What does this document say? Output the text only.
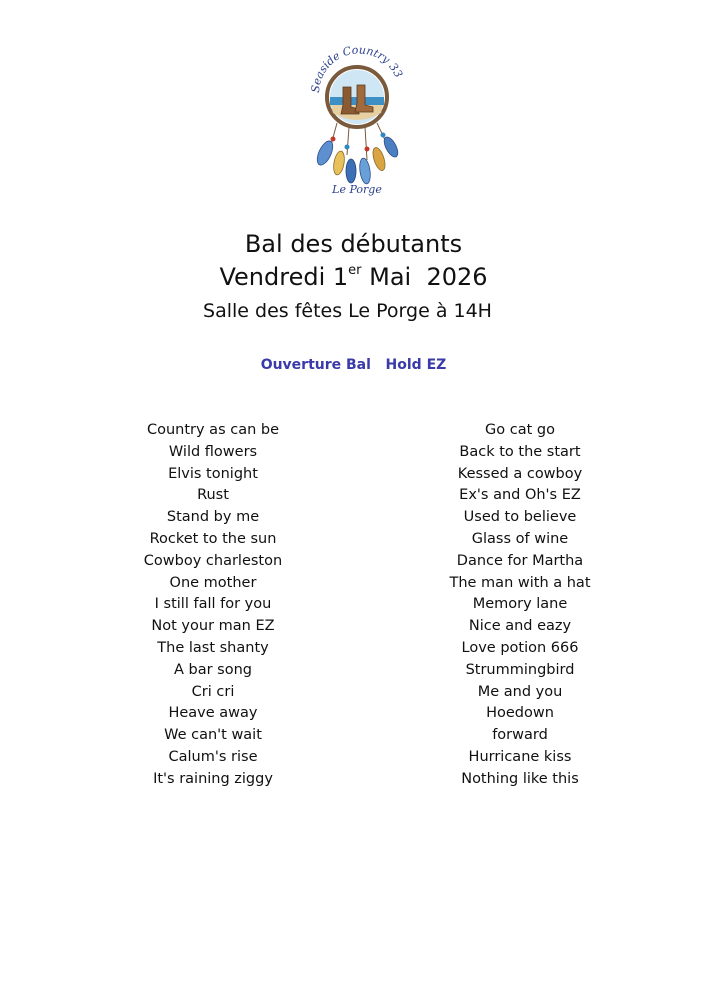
Seaside Country 33
Le Porge
Bal des débutants
Vendredi 1er Mai  2026
Salle des fêtes Le Porge à 14H
Ouverture Bal   Hold EZ
Country as can be
Wild flowers
Elvis tonight
Rust
Stand by me
Rocket to the sun
Cowboy charleston
One mother
I still fall for you
Not your man EZ
The last shanty
A bar song
Cri cri
Heave away
We can't wait
Calum's rise
It's raining ziggy
Go cat go
Back to the start
Kessed a cowboy
Ex's and Oh's EZ
Used to believe
Glass of wine
Dance for Martha
The man with a hat
Memory lane
Nice and eazy
Love potion 666
Strummingbird
Me and you
Hoedown
forward
Hurricane kiss
Nothing like this
